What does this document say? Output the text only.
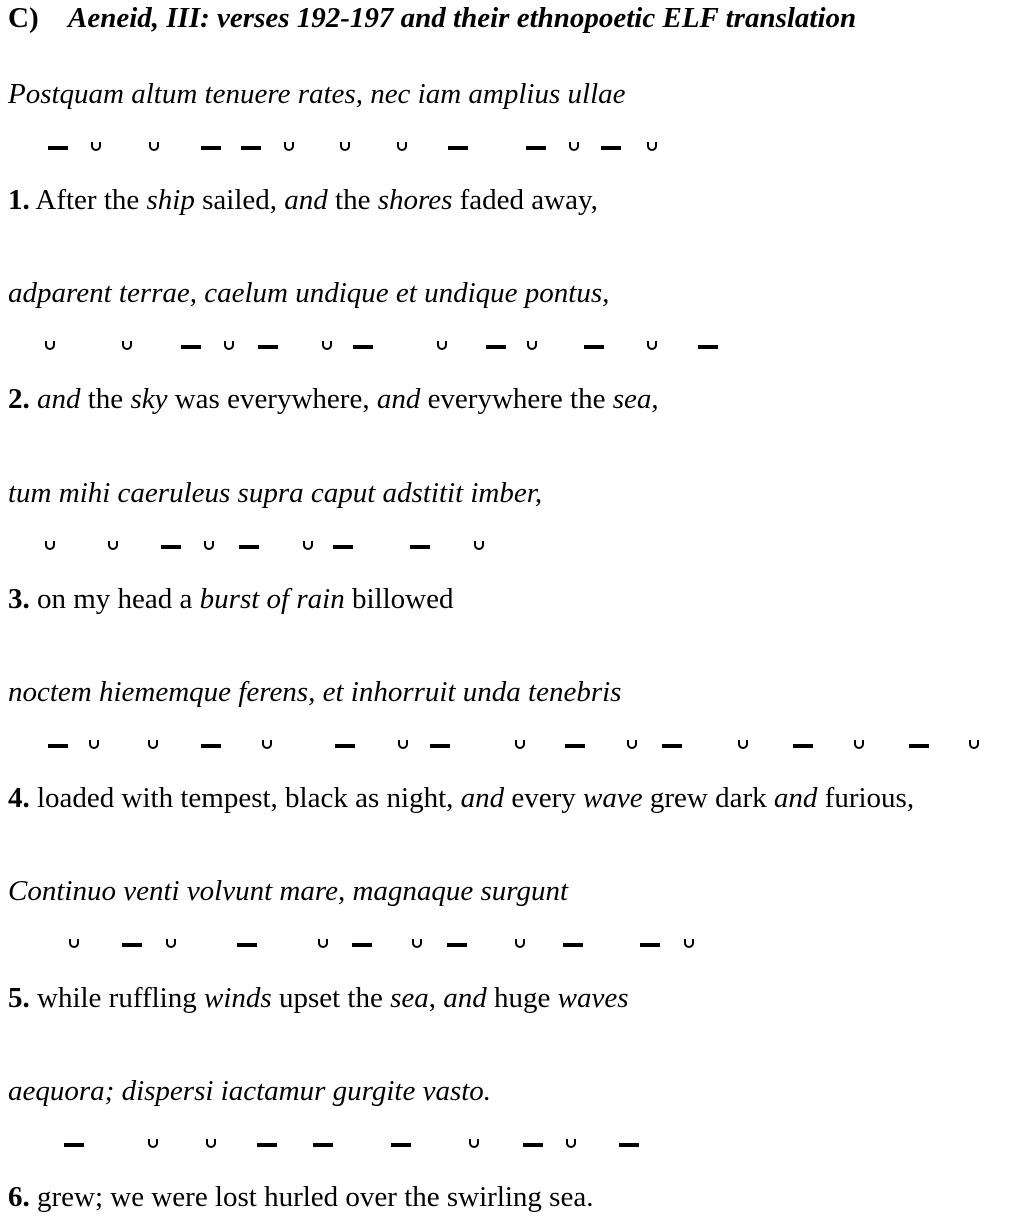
C) Aeneid, III: verses 192-197 and their ethnopoetic ELF translation
Postquam altum tenuere rates, nec iam amplius ullae
1. After the ship sailed, and the shores faded away,
adparent terrae, caelum undique et undique pontus,
2. and the sky was everywhere, and everywhere the sea,
tum mihi caeruleus supra caput adstitit imber,
3. on my head a burst of rain billowed
noctem hiememque ferens, et inhorruit unda tenebris
4. loaded with tempest, black as night, and every wave grew dark and furious,
Continuo venti volvunt mare, magnaque surgunt
5. while ruffling winds upset the sea, and huge waves
aequora; dispersi iactamur gurgite vasto.
6. grew; we were lost hurled over the swirling sea.
